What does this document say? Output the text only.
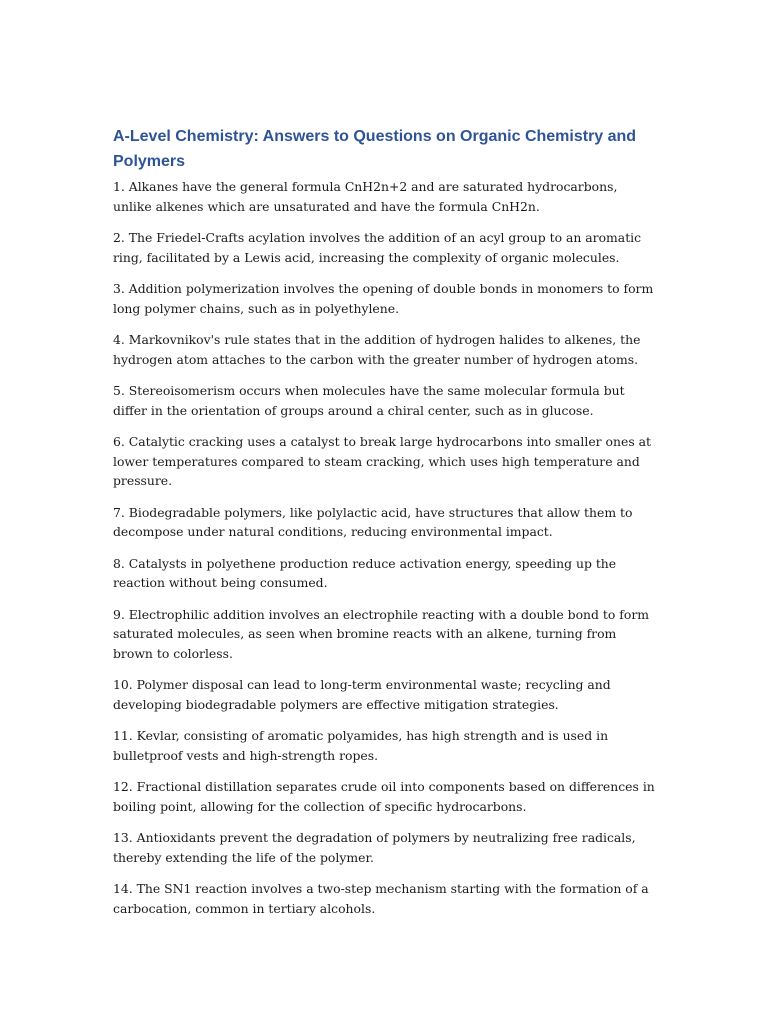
A-Level Chemistry: Answers to Questions on Organic Chemistry and Polymers

1. Alkanes have the general formula CnH2n+2 and are saturated hydrocarbons, unlike alkenes which are unsaturated and have the formula CnH2n.

2. The Friedel-Crafts acylation involves the addition of an acyl group to an aromatic ring, facilitated by a Lewis acid, increasing the complexity of organic molecules.

3. Addition polymerization involves the opening of double bonds in monomers to form long polymer chains, such as in polyethylene.

4. Markovnikov's rule states that in the addition of hydrogen halides to alkenes, the hydrogen atom attaches to the carbon with the greater number of hydrogen atoms.

5. Stereoisomerism occurs when molecules have the same molecular formula but differ in the orientation of groups around a chiral center, such as in glucose.

6. Catalytic cracking uses a catalyst to break large hydrocarbons into smaller ones at lower temperatures compared to steam cracking, which uses high temperature and pressure.

7. Biodegradable polymers, like polylactic acid, have structures that allow them to decompose under natural conditions, reducing environmental impact.

8. Catalysts in polyethene production reduce activation energy, speeding up the reaction without being consumed.

9. Electrophilic addition involves an electrophile reacting with a double bond to form saturated molecules, as seen when bromine reacts with an alkene, turning from brown to colorless.

10. Polymer disposal can lead to long-term environmental waste; recycling and developing biodegradable polymers are effective mitigation strategies.

11. Kevlar, consisting of aromatic polyamides, has high strength and is used in bulletproof vests and high-strength ropes.

12. Fractional distillation separates crude oil into components based on differences in boiling point, allowing for the collection of specific hydrocarbons.

13. Antioxidants prevent the degradation of polymers by neutralizing free radicals, thereby extending the life of the polymer.

14. The SN1 reaction involves a two-step mechanism starting with the formation of a carbocation, common in tertiary alcohols.
